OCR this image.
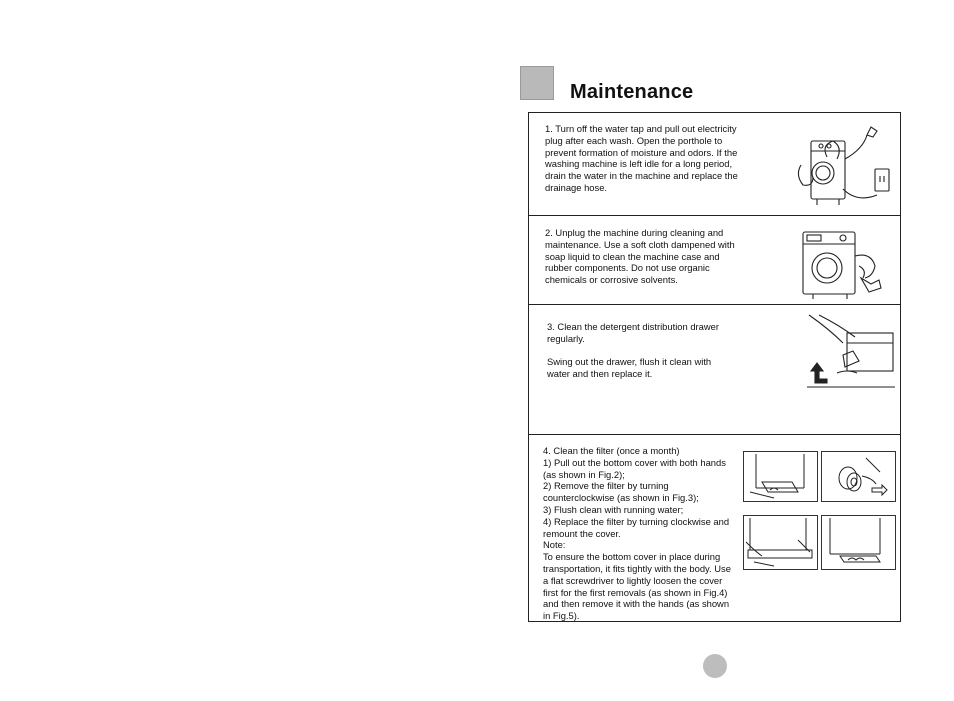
Maintenance
1. Turn off the water tap and pull out electricity
plug after each wash. Open the porthole to
prevent formation of moisture and odors. If the
washing machine is left idle for a long period,
drain the water in the machine and replace the
drainage hose.
2. Unplug the machine during cleaning and
maintenance. Use a soft cloth dampened with
soap liquid to clean the machine case and
rubber components. Do not use organic
chemicals or corrosive solvents.
3. Clean the detergent distribution drawer
regularly.

Swing out the drawer, flush it clean with
water and then replace it.
4. Clean the filter (once a month)
1) Pull out the bottom cover with both hands
(as shown in Fig.2);
2) Remove the filter by turning
counterclockwise (as shown in Fig.3);
3) Flush clean with running water;
4) Replace the filter by turning clockwise and
remount the cover.
Note:
To ensure the bottom cover in place during
transportation, it fits tightly with the body. Use
a flat screwdriver to lightly loosen the cover
first for the first removals (as shown in Fig.4)
and then remove it with the hands (as shown
in Fig.5).
